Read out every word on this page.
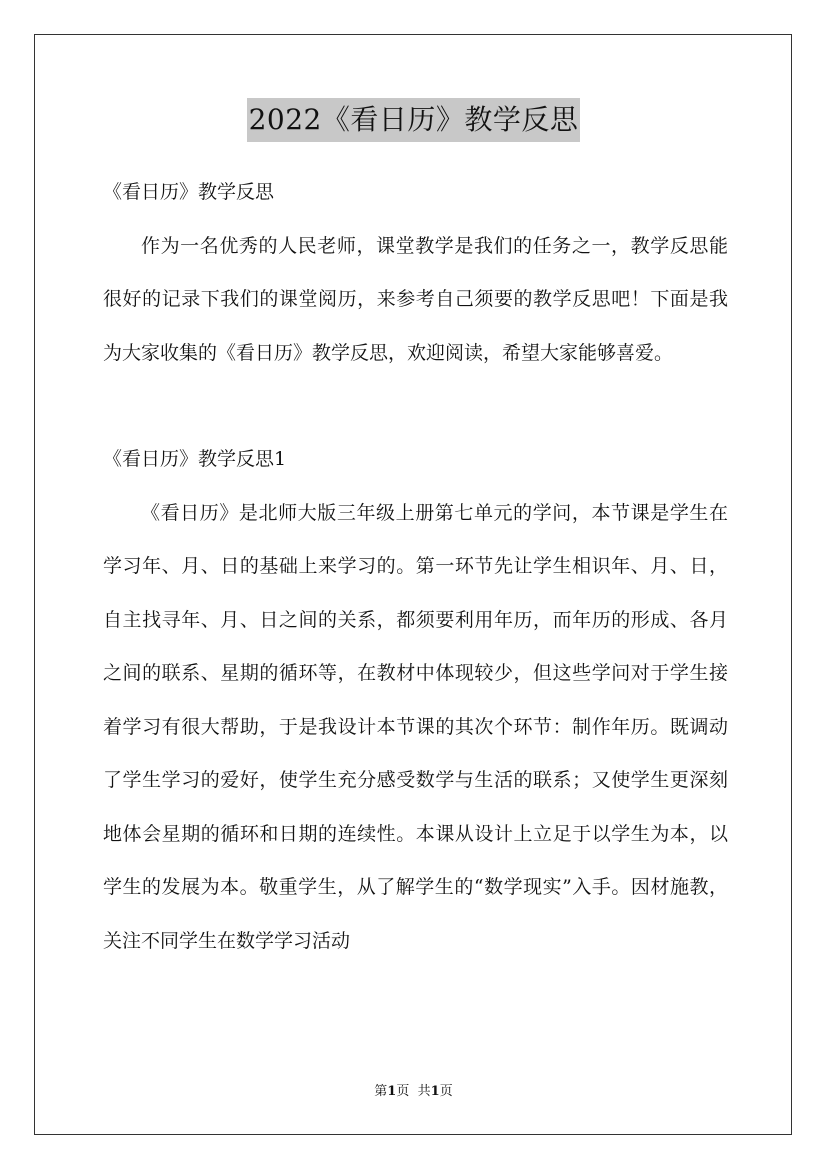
2022《看日历》教学反思

《看日历》教学反思

作为一名优秀的人民老师，课堂教学是我们的任务之一，教学反思能很好的记录下我们的课堂阅历，来参考自己须要的教学反思吧！下面是我为大家收集的《看日历》教学反思，欢迎阅读，希望大家能够喜爱。

《看日历》教学反思1

《看日历》是北师大版三年级上册第七单元的学问，本节课是学生在学习年、月、日的基础上来学习的。第一环节先让学生相识年、月、日，自主找寻年、月、日之间的关系，都须要利用年历，而年历的形成、各月之间的联系、星期的循环等，在教材中体现较少，但这些学问对于学生接着学习有很大帮助，于是我设计本节课的其次个环节：制作年历。既调动了学生学习的爱好，使学生充分感受数学与生活的联系；又使学生更深刻地体会星期的循环和日期的连续性。本课从设计上立足于以学生为本，以学生的发展为本。敬重学生，从了解学生的“数学现实”入手。因材施教，关注不同学生在数学学习活动

第1页 共1页
